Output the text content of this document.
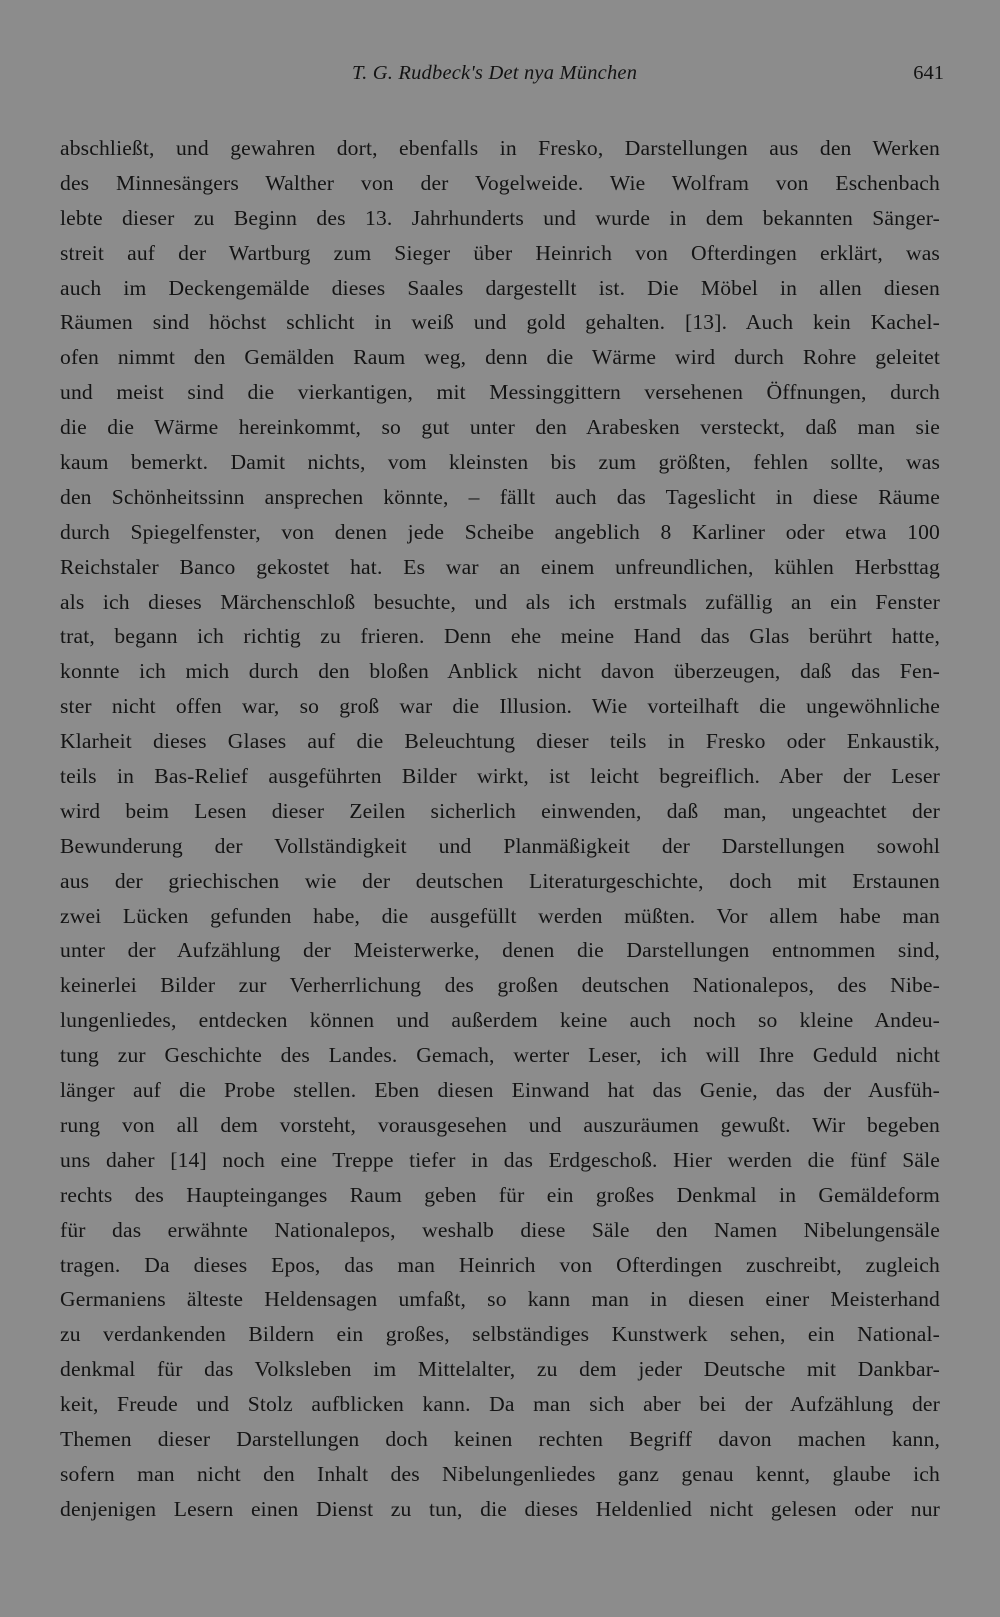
T. G. Rudbeck's Det nya München	641
abschließt, und gewahren dort, ebenfalls in Fresko, Darstellungen aus den Werken
des Minnesängers Walther von der Vogelweide. Wie Wolfram von Eschenbach
lebte dieser zu Beginn des 13. Jahrhunderts und wurde in dem bekannten Sänger-
streit auf der Wartburg zum Sieger über Heinrich von Ofterdingen erklärt, was
auch im Deckengemälde dieses Saales dargestellt ist. Die Möbel in allen diesen
Räumen sind höchst schlicht in weiß und gold gehalten. [13]. Auch kein Kachel-
ofen nimmt den Gemälden Raum weg, denn die Wärme wird durch Rohre geleitet
und meist sind die vierkantigen, mit Messinggittern versehenen Öffnungen, durch
die die Wärme hereinkommt, so gut unter den Arabesken versteckt, daß man sie
kaum bemerkt. Damit nichts, vom kleinsten bis zum größten, fehlen sollte, was
den Schönheitssinn ansprechen könnte, – fällt auch das Tageslicht in diese Räume
durch Spiegelfenster, von denen jede Scheibe angeblich 8 Karliner oder etwa 100
Reichstaler Banco gekostet hat. Es war an einem unfreundlichen, kühlen Herbsttag
als ich dieses Märchenschloß besuchte, und als ich erstmals zufällig an ein Fenster
trat, begann ich richtig zu frieren. Denn ehe meine Hand das Glas berührt hatte,
konnte ich mich durch den bloßen Anblick nicht davon überzeugen, daß das Fen-
ster nicht offen war, so groß war die Illusion. Wie vorteilhaft die ungewöhnliche
Klarheit dieses Glases auf die Beleuchtung dieser teils in Fresko oder Enkaustik,
teils in Bas-Relief ausgeführten Bilder wirkt, ist leicht begreiflich. Aber der Leser
wird beim Lesen dieser Zeilen sicherlich einwenden, daß man, ungeachtet der
Bewunderung der Vollständigkeit und Planmäßigkeit der Darstellungen sowohl
aus der griechischen wie der deutschen Literaturgeschichte, doch mit Erstaunen
zwei Lücken gefunden habe, die ausgefüllt werden müßten. Vor allem habe man
unter der Aufzählung der Meisterwerke, denen die Darstellungen entnommen sind,
keinerlei Bilder zur Verherrlichung des großen deutschen Nationalepos, des Nibe-
lungenliedes, entdecken können und außerdem keine auch noch so kleine Andeu-
tung zur Geschichte des Landes. Gemach, werter Leser, ich will Ihre Geduld nicht
länger auf die Probe stellen. Eben diesen Einwand hat das Genie, das der Ausfüh-
rung von all dem vorsteht, vorausgesehen und auszuräumen gewußt. Wir begeben
uns daher [14] noch eine Treppe tiefer in das Erdgeschoß. Hier werden die fünf Säle
rechts des Haupteinganges Raum geben für ein großes Denkmal in Gemäldeform
für das erwähnte Nationalepos, weshalb diese Säle den Namen Nibelungensäle
tragen. Da dieses Epos, das man Heinrich von Ofterdingen zuschreibt, zugleich
Germaniens älteste Heldensagen umfaßt, so kann man in diesen einer Meisterhand
zu verdankenden Bildern ein großes, selbständiges Kunstwerk sehen, ein National-
denkmal für das Volksleben im Mittelalter, zu dem jeder Deutsche mit Dankbar-
keit, Freude und Stolz aufblicken kann. Da man sich aber bei der Aufzählung der
Themen dieser Darstellungen doch keinen rechten Begriff davon machen kann,
sofern man nicht den Inhalt des Nibelungenliedes ganz genau kennt, glaube ich
denjenigen Lesern einen Dienst zu tun, die dieses Heldenlied nicht gelesen oder nur
